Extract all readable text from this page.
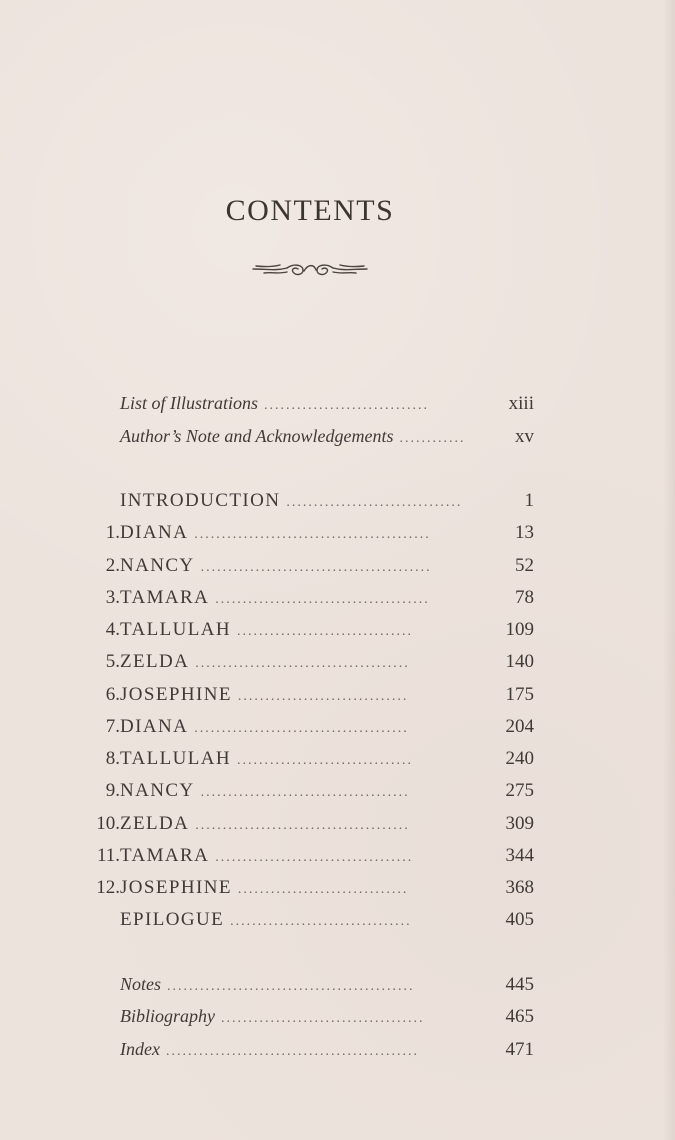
CONTENTS
List of Illustrations ..............................	xiii
Author’s Note and Acknowledgements ............	xv
INTRODUCTION ................................	1
1. DIANA ...........................................	13
2. NANCY ..........................................	52
3. TAMARA .......................................	78
4. TALLULAH ................................	109
5. ZELDA .......................................	140
6. JOSEPHINE ...............................	175
7. DIANA .......................................	204
8. TALLULAH ................................	240
9. NANCY ......................................	275
10. ZELDA .......................................	309
11. TAMARA ....................................	344
12. JOSEPHINE ...............................	368
EPILOGUE .................................	405
Notes .............................................	445
Bibliography .....................................	465
Index ..............................................	471
